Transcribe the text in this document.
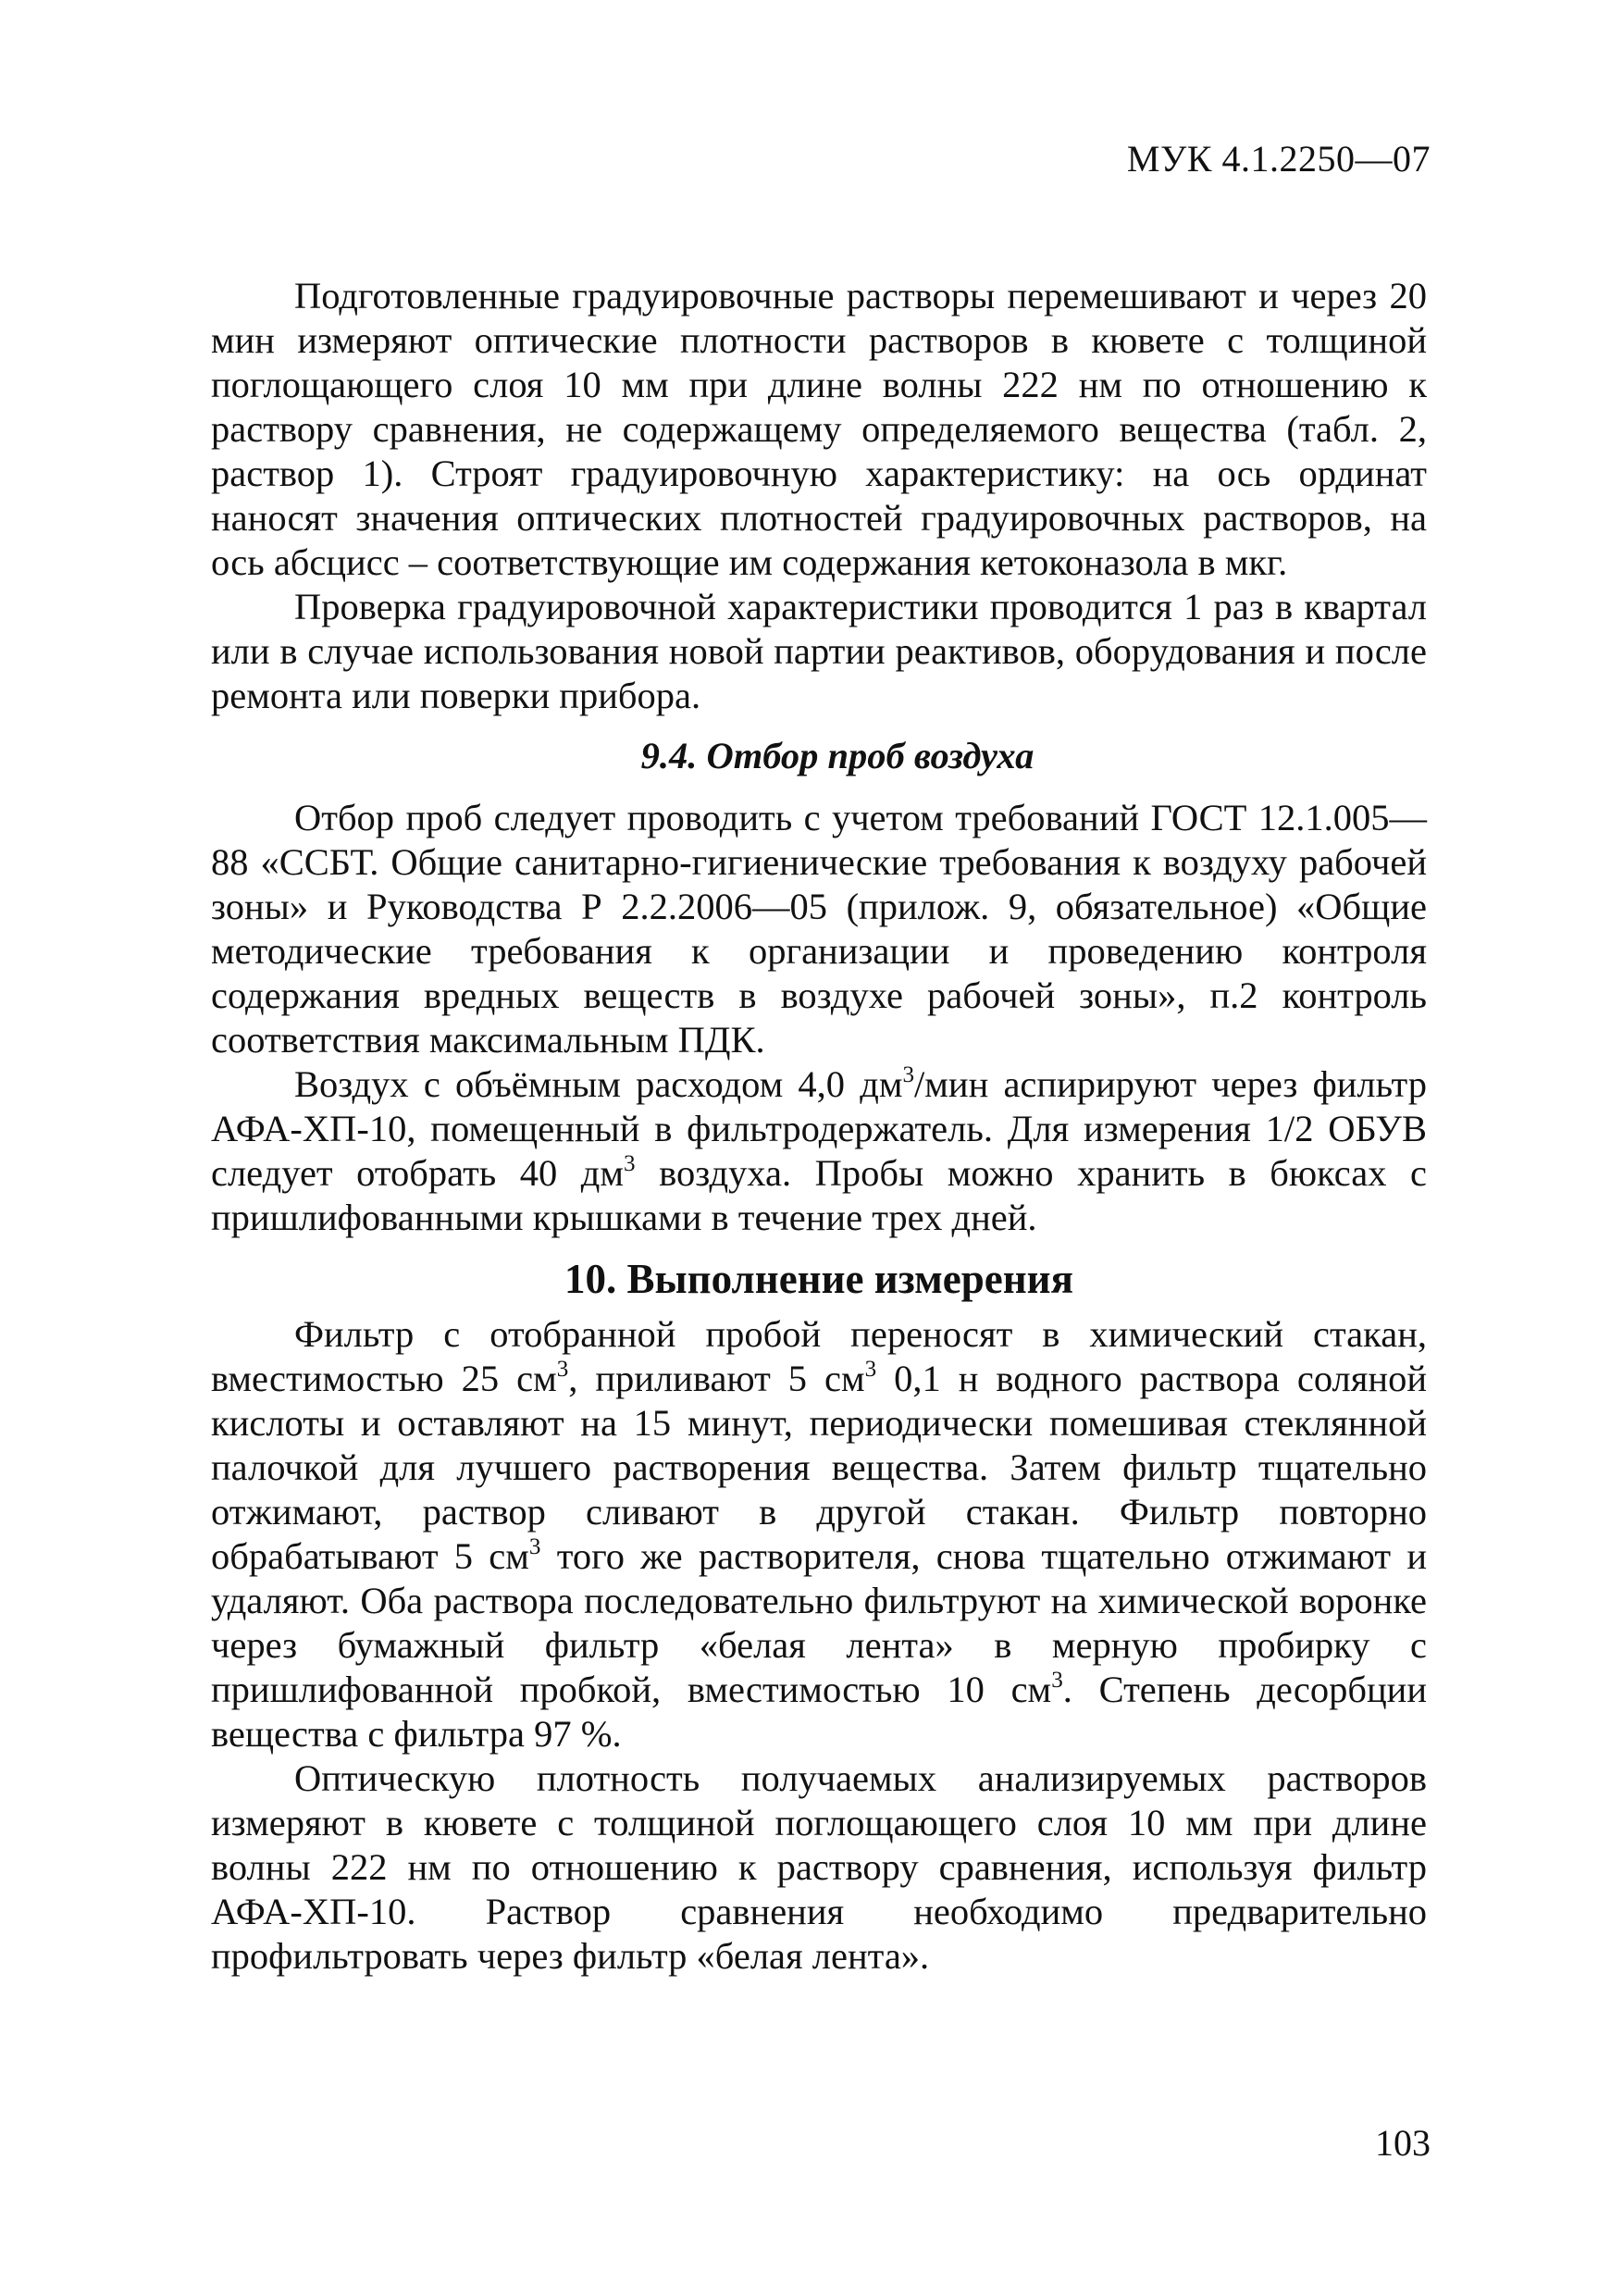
МУК 4.1.2250—07

Подготовленные градуировочные растворы перемешивают и через 20 мин измеряют оптические плотности растворов в кювете с толщиной поглощающего слоя 10 мм при длине волны 222 нм по отношению к раствору сравнения, не содержащему определяемого вещества (табл. 2, раствор 1). Строят градуировочную характеристику: на ось ординат наносят значения оптических плотностей градуировочных растворов, на ось абсцисс – соответствующие им содержания кетоконазола в мкг.

Проверка градуировочной характеристики проводится 1 раз в квартал или в случае использования новой партии реактивов, оборудования и после ремонта или поверки прибора.

9.4. Отбор проб воздуха

Отбор проб следует проводить с учетом требований ГОСТ 12.1.005—88 «ССБТ. Общие санитарно-гигиенические требования к воздуху рабочей зоны» и Руководства Р 2.2.2006—05 (прилож. 9, обязательное) «Общие методические требования к организации и проведению контроля содержания вредных веществ в воздухе рабочей зоны», п.2 контроль соответствия максимальным ПДК.

Воздух с объёмным расходом 4,0 $дм^3$/мин аспирируют через фильтр АФА-ХП-10, помещенный в фильтродержатель. Для измерения 1/2 ОБУВ следует отобрать 40 $дм^3$ воздуха. Пробы можно хранить в бюксах с пришлифованными крышками в течение трех дней.

10. Выполнение измерения

Фильтр с отобранной пробой переносят в химический стакан, вместимостью 25 $см^3$, приливают 5 $см^3$ 0,1 н водного раствора соляной кислоты и оставляют на 15 минут, периодически помешивая стеклянной палочкой для лучшего растворения вещества. Затем фильтр тщательно отжимают, раствор сливают в другой стакан. Фильтр повторно обрабатывают 5 $см^3$ того же растворителя, снова тщательно отжимают и удаляют. Оба раствора последовательно фильтруют на химической воронке через бумажный фильтр «белая лента» в мерную пробирку с пришлифованной пробкой, вместимостью 10 $см^3$. Степень десорбции вещества с фильтра 97 %.

Оптическую плотность получаемых анализируемых растворов измеряют в кювете с толщиной поглощающего слоя 10 мм при длине волны 222 нм по отношению к раствору сравнения, используя фильтр АФА-ХП-10. Раствор сравнения необходимо предварительно профильтровать через фильтр «белая лента».

103
